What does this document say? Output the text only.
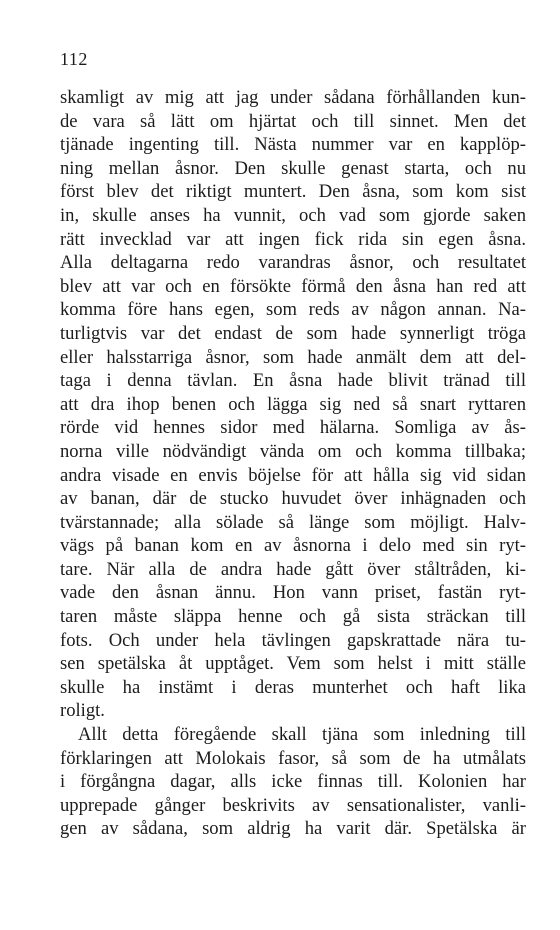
112
skamligt av mig att jag under sådana förhållanden kun-
de vara så lätt om hjärtat och till sinnet. Men det
tjänade ingenting till. Nästa nummer var en kapplöp-
ning mellan åsnor. Den skulle genast starta, och nu
först blev det riktigt muntert. Den åsna, som kom sist
in, skulle anses ha vunnit, och vad som gjorde saken
rätt invecklad var att ingen fick rida sin egen åsna.
Alla deltagarna redo varandras åsnor, och resultatet
blev att var och en försökte förmå den åsna han red att
komma före hans egen, som reds av någon annan. Na-
turligtvis var det endast de som hade synnerligt tröga
eller halsstarriga åsnor, som hade anmält dem att del-
taga i denna tävlan. En åsna hade blivit tränad till
att dra ihop benen och lägga sig ned så snart ryttaren
rörde vid hennes sidor med hälarna. Somliga av ås-
norna ville nödvändigt vända om och komma tillbaka;
andra visade en envis böjelse för att hålla sig vid sidan
av banan, där de stucko huvudet över inhägnaden och
tvärstannade; alla sölade så länge som möjligt. Halv-
vägs på banan kom en av åsnorna i delo med sin ryt-
tare. När alla de andra hade gått över ståltråden, ki-
vade den åsnan ännu. Hon vann priset, fastän ryt-
taren måste släppa henne och gå sista sträckan till
fots. Och under hela tävlingen gapskrattade nära tu-
sen spetälska åt upptåget. Vem som helst i mitt ställe
skulle ha instämt i deras munterhet och haft lika
roligt.
Allt detta föregående skall tjäna som inledning till
förklaringen att Molokais fasor, så som de ha utmålats
i förgångna dagar, alls icke finnas till. Kolonien har
upprepade gånger beskrivits av sensationalister, vanli-
gen av sådana, som aldrig ha varit där. Spetälska är
